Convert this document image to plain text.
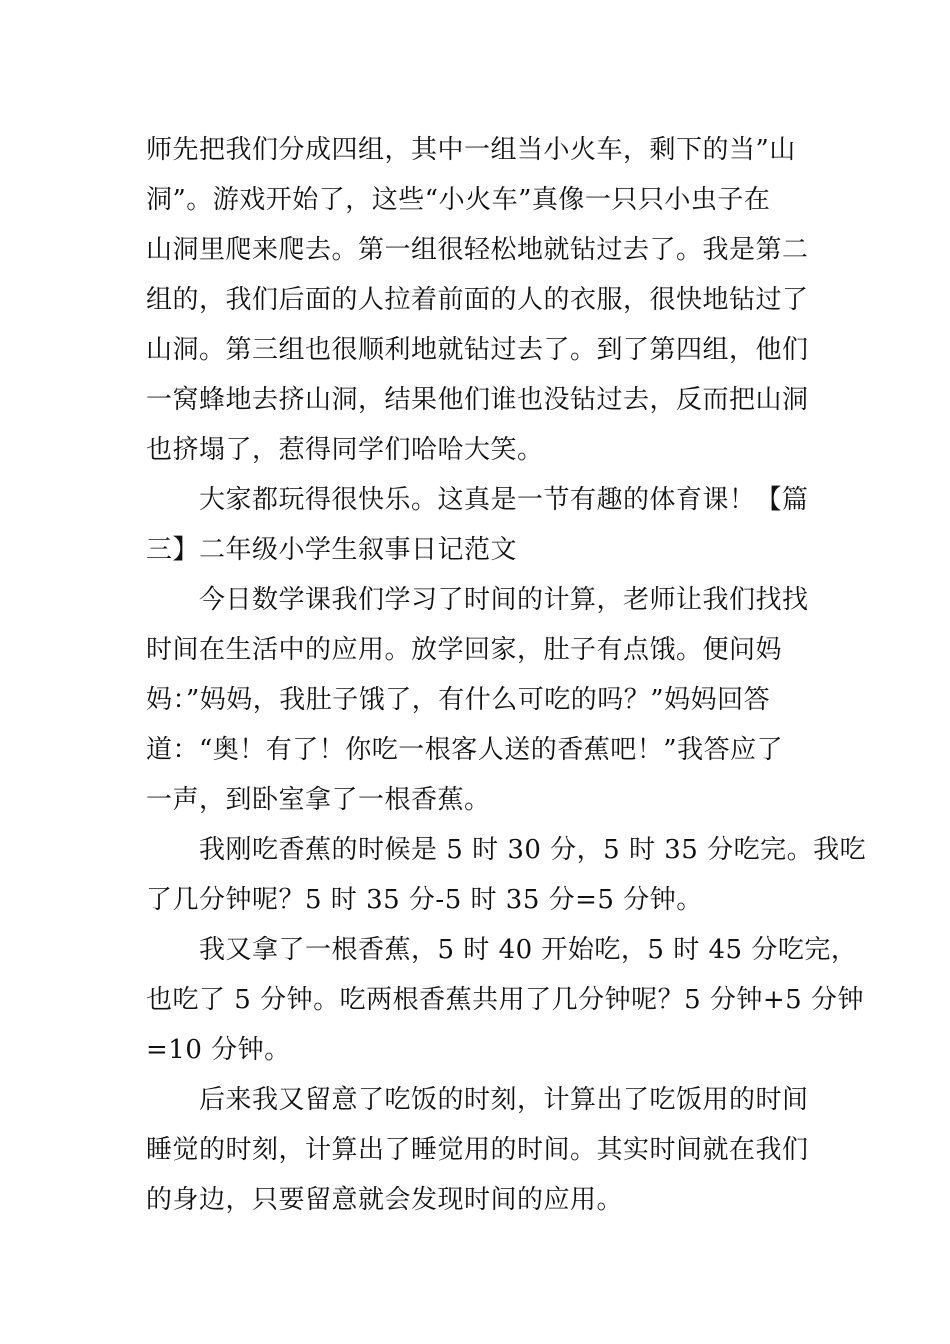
师先把我们分成四组，其中一组当小火车，剩下的当”山
洞”。游戏开始了，这些“小火车”真像一只只小虫子在
山洞里爬来爬去。第一组很轻松地就钻过去了。我是第二
组的，我们后面的人拉着前面的人的衣服，很快地钻过了
山洞。第三组也很顺利地就钻过去了。到了第四组，他们
一窝蜂地去挤山洞，结果他们谁也没钻过去，反而把山洞
也挤塌了，惹得同学们哈哈大笑。
大家都玩得很快乐。这真是一节有趣的体育课！【篇
三】二年级小学生叙事日记范文
今日数学课我们学习了时间的计算，老师让我们找找
时间在生活中的应用。放学回家，肚子有点饿。便问妈
妈：”妈妈，我肚子饿了，有什么可吃的吗？”妈妈回答
道：“奥！有了！你吃一根客人送的香蕉吧！”我答应了
一声，到卧室拿了一根香蕉。
我刚吃香蕉的时候是 5 时 30 分，5 时 35 分吃完。我吃
了几分钟呢？5 时 35 分-5 时 35 分=5 分钟。
我又拿了一根香蕉，5 时 40 开始吃，5 时 45 分吃完，
也吃了 5 分钟。吃两根香蕉共用了几分钟呢？5 分钟+5 分钟
=10 分钟。
后来我又留意了吃饭的时刻，计算出了吃饭用的时间
睡觉的时刻，计算出了睡觉用的时间。其实时间就在我们
的身边，只要留意就会发现时间的应用。
